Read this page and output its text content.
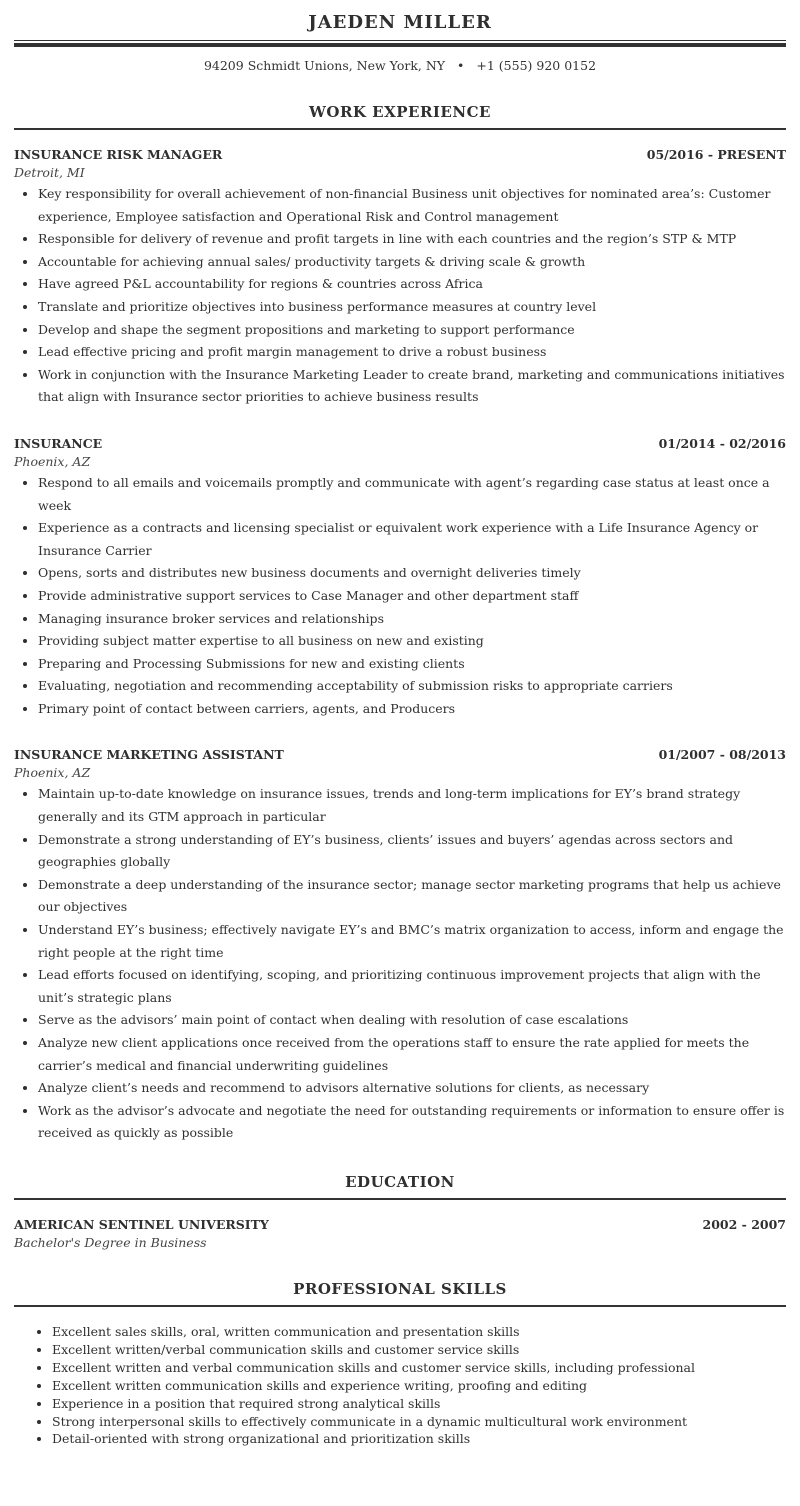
JAEDEN MILLER
94209 Schmidt Unions, New York, NY • +1 (555) 920 0152
WORK EXPERIENCE
INSURANCE RISK MANAGER	05/2016 - PRESENT
Detroit, MI
• Key responsibility for overall achievement of non-financial Business unit objectives for nominated area’s: Customer experience, Employee satisfaction and Operational Risk and Control management
• Responsible for delivery of revenue and profit targets in line with each countries and the region’s STP & MTP
• Accountable for achieving annual sales/ productivity targets & driving scale & growth
• Have agreed P&L accountability for regions & countries across Africa
• Translate and prioritize objectives into business performance measures at country level
• Develop and shape the segment propositions and marketing to support performance
• Lead effective pricing and profit margin management to drive a robust business
• Work in conjunction with the Insurance Marketing Leader to create brand, marketing and communications initiatives that align with Insurance sector priorities to achieve business results
INSURANCE	01/2014 - 02/2016
Phoenix, AZ
• Respond to all emails and voicemails promptly and communicate with agent’s regarding case status at least once a week
• Experience as a contracts and licensing specialist or equivalent work experience with a Life Insurance Agency or Insurance Carrier
• Opens, sorts and distributes new business documents and overnight deliveries timely
• Provide administrative support services to Case Manager and other department staff
• Managing insurance broker services and relationships
• Providing subject matter expertise to all business on new and existing
• Preparing and Processing Submissions for new and existing clients
• Evaluating, negotiation and recommending acceptability of submission risks to appropriate carriers
• Primary point of contact between carriers, agents, and Producers
INSURANCE MARKETING ASSISTANT	01/2007 - 08/2013
Phoenix, AZ
• Maintain up-to-date knowledge on insurance issues, trends and long-term implications for EY’s brand strategy generally and its GTM approach in particular
• Demonstrate a strong understanding of EY’s business, clients’ issues and buyers’ agendas across sectors and geographies globally
• Demonstrate a deep understanding of the insurance sector; manage sector marketing programs that help us achieve our objectives
• Understand EY’s business; effectively navigate EY’s and BMC’s matrix organization to access, inform and engage the right people at the right time
• Lead efforts focused on identifying, scoping, and prioritizing continuous improvement projects that align with the unit’s strategic plans
• Serve as the advisors’ main point of contact when dealing with resolution of case escalations
• Analyze new client applications once received from the operations staff to ensure the rate applied for meets the carrier’s medical and financial underwriting guidelines
• Analyze client’s needs and recommend to advisors alternative solutions for clients, as necessary
• Work as the advisor’s advocate and negotiate the need for outstanding requirements or information to ensure offer is received as quickly as possible
EDUCATION
AMERICAN SENTINEL UNIVERSITY	2002 - 2007
Bachelor's Degree in Business
PROFESSIONAL SKILLS
• Excellent sales skills, oral, written communication and presentation skills
• Excellent written/verbal communication skills and customer service skills
• Excellent written and verbal communication skills and customer service skills, including professional
• Excellent written communication skills and experience writing, proofing and editing
• Experience in a position that required strong analytical skills
• Strong interpersonal skills to effectively communicate in a dynamic multicultural work environment
• Detail-oriented with strong organizational and prioritization skills
